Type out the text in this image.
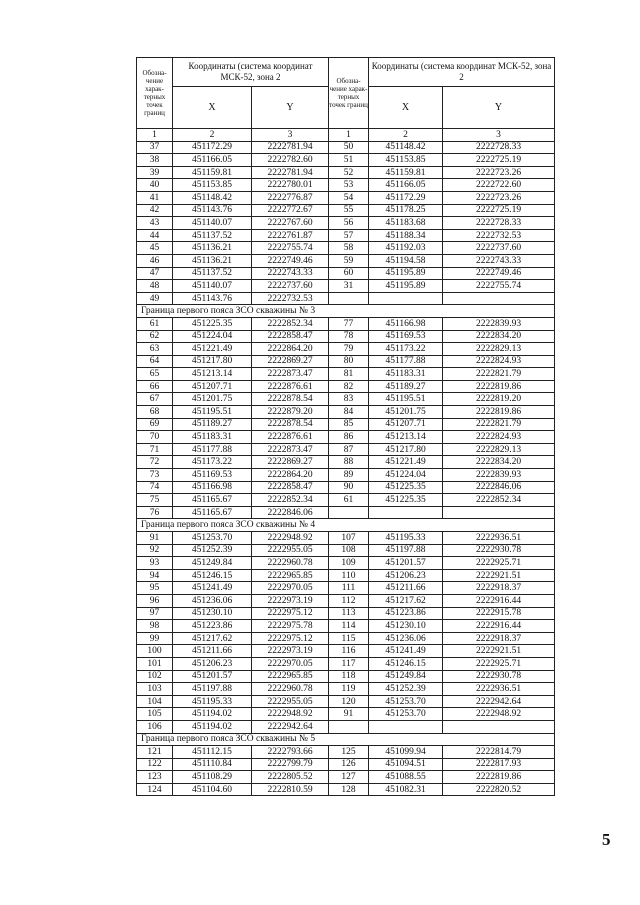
Обозна-чение харак-терных точек границ	Координаты (система координат МСК-52, зона 2		Обозна-чение харак-терных точек границ	Координаты (система координат МСК-52, зона 2	
	X	Y		X	Y
1	2	3	1	2	3
37	451172.29	2222781.94	50	451148.42	2222728.33
38	451166.05	2222782.60	51	451153.85	2222725.19
39	451159.81	2222781.94	52	451159.81	2222723.26
40	451153.85	2222780.01	53	451166.05	2222722.60
41	451148.42	2222776.87	54	451172.29	2222723.26
42	451143.76	2222772.67	55	451178.25	2222725.19
43	451140.07	2222767.60	56	451183.68	2222728.33
44	451137.52	2222761.87	57	451188.34	2222732.53
45	451136.21	2222755.74	58	451192.03	2222737.60
46	451136.21	2222749.46	59	451194.58	2222743.33
47	451137.52	2222743.33	60	451195.89	2222749.46
48	451140.07	2222737.60	31	451195.89	2222755.74
49	451143.76	2222732.53			
Граница первого пояса ЗСО скважины № 3					
61	451225.35	2222852.34	77	451166.98	2222839.93
62	451224.04	2222858.47	78	451169.53	2222834.20
63	451221.49	2222864.20	79	451173.22	2222829.13
64	451217.80	2222869.27	80	451177.88	2222824.93
65	451213.14	2222873.47	81	451183.31	2222821.79
66	451207.71	2222876.61	82	451189.27	2222819.86
67	451201.75	2222878.54	83	451195.51	2222819.20
68	451195.51	2222879.20	84	451201.75	2222819.86
69	451189.27	2222878.54	85	451207.71	2222821.79
70	451183.31	2222876.61	86	451213.14	2222824.93
71	451177.88	2222873.47	87	451217.80	2222829.13
72	451173.22	2222869.27	88	451221.49	2222834.20
73	451169.53	2222864.20	89	451224.04	2222839.93
74	451166.98	2222858.47	90	451225.35	2222846.06
75	451165.67	2222852.34	61	451225.35	2222852.34
76	451165.67	2222846.06			
Граница первого пояса ЗСО скважины № 4					
91	451253.70	2222948.92	107	451195.33	2222936.51
92	451252.39	2222955.05	108	451197.88	2222930.78
93	451249.84	2222960.78	109	451201.57	2222925.71
94	451246.15	2222965.85	110	451206.23	2222921.51
95	451241.49	2222970.05	111	451211.66	2222918.37
96	451236.06	2222973.19	112	451217.62	2222916.44
97	451230.10	2222975.12	113	451223.86	2222915.78
98	451223.86	2222975.78	114	451230.10	2222916.44
99	451217.62	2222975.12	115	451236.06	2222918.37
100	451211.66	2222973.19	116	451241.49	2222921.51
101	451206.23	2222970.05	117	451246.15	2222925.71
102	451201.57	2222965.85	118	451249.84	2222930.78
103	451197.88	2222960.78	119	451252.39	2222936.51
104	451195.33	2222955.05	120	451253.70	2222942.64
105	451194.02	2222948.92	91	451253.70	2222948.92
106	451194.02	2222942.64			
Граница первого пояса ЗСО скважины № 5					
121	451112.15	2222793.66	125	451099.94	2222814.79
122	451110.84	2222799.79	126	451094.51	2222817.93
123	451108.29	2222805.52	127	451088.55	2222819.86
124	451104.60	2222810.59	128	451082.31	2222820.52
5
